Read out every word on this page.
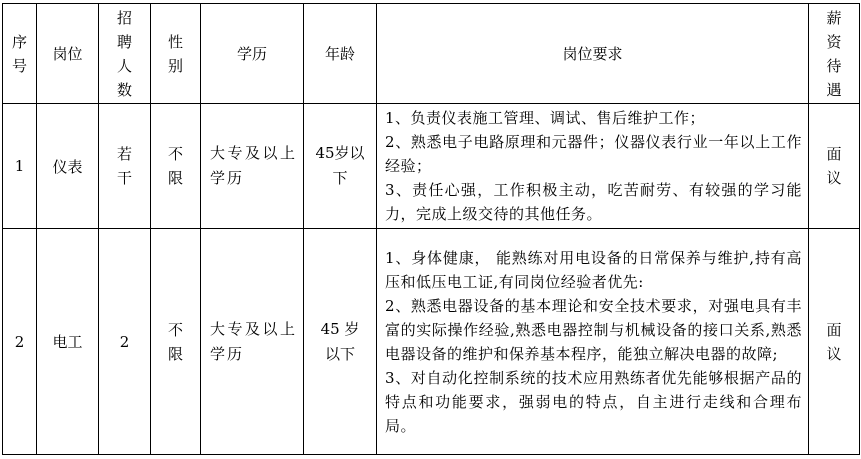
序号	岗位	招聘人数	性别	学历	年龄	岗位要求	薪资待遇

1	仪表	若干	不限	大专及以上学历	45岁以下	1、负责仪表施工管理、调试、售后维护工作；

2、熟悉电子电路原理和元器件；仪器仪表行业一年以上工作经验；

3、责任心强，工作积极主动，吃苦耐劳、有较强的学习能力，完成上级交待的其他任务。	面议

2	电工	2	不限	大专及以上学历	45 岁以下	1、身体健康， 能熟练对用电设备的日常保养与维护,持有高压和低压电工证,有同岗位经验者优先:

2、熟悉电器设备的基本理论和安全技术要求，对强电具有丰富的实际操作经验,熟悉电器控制与机械设备的接口关系,熟悉电器设备的维护和保养基本程序，能独立解决电器的故障;

3、对自动化控制系统的技术应用熟练者优先能够根据产品的特点和功能要求，强弱电的特点，自主进行走线和合理布局。	面议
